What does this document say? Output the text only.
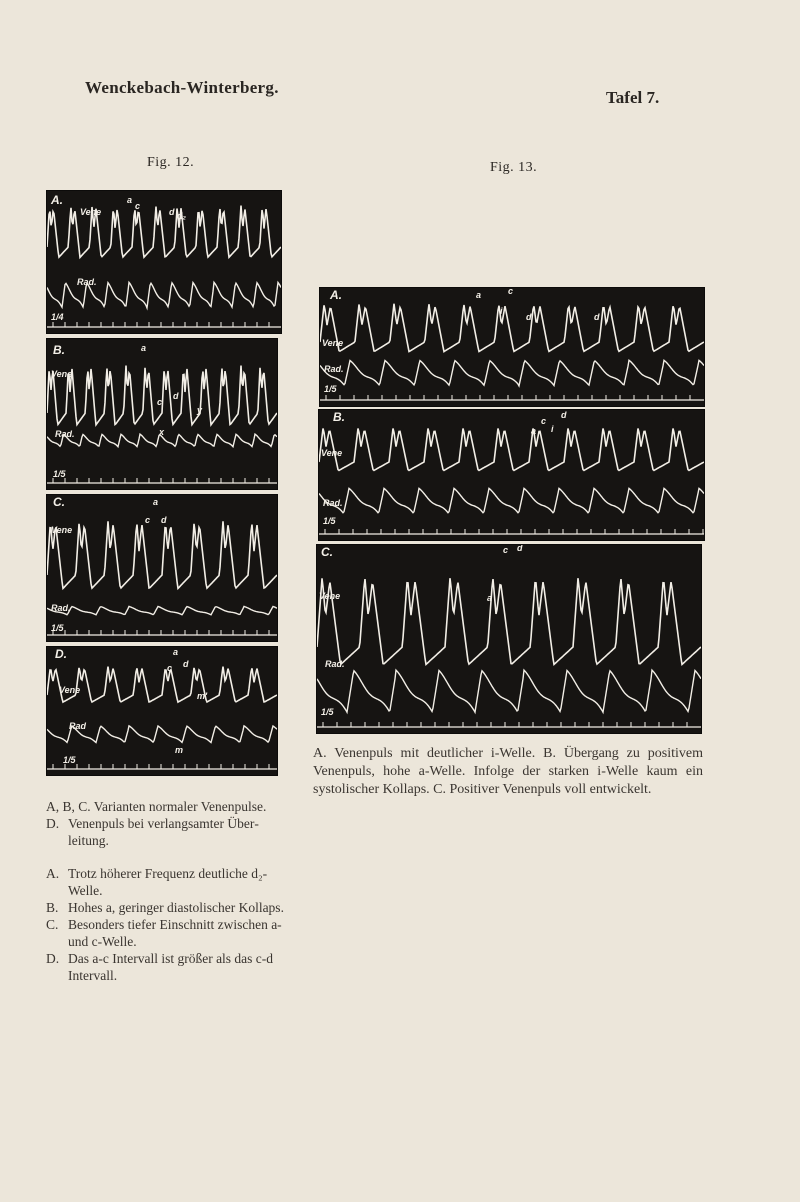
Wenckebach-Winterberg.
Tafel 7.
Fig. 12.	Fig. 13.
A.
Vene
a
c
d d₂
Rad.
1/4
B.
Vene
a
c
d
y
x
Rad.
1/5
C.
Vene
a
c d
Rad.
1/5
D.
Vene
a
c d
m'
m
Rad
1/5
A.
Vene
a	c
i
d	d
Rad.
1/5
B.
Vene
c
d
a i
Rad.
1/5
C.
Vene
c d
a
Rad.
1/5
A, B, C. Varianten normaler Venenpulse.
D. Venenpuls bei verlangsamter Überleitung.
A. Trotz höherer Frequenz deutliche d₂-Welle.
B. Hohes a, geringer diastolischer Kollaps.
C. Besonders tiefer Einschnitt zwischen a- und c-Welle.
D. Das a-c Intervall ist größer als das c-d Intervall.
A. Venenpuls mit deutlicher i-Welle. B. Übergang zu positivem Venenpuls, hohe a-Welle. Infolge der starken i-Welle kaum ein systolischer Kollaps. C. Positiver Venenpuls voll entwickelt.
